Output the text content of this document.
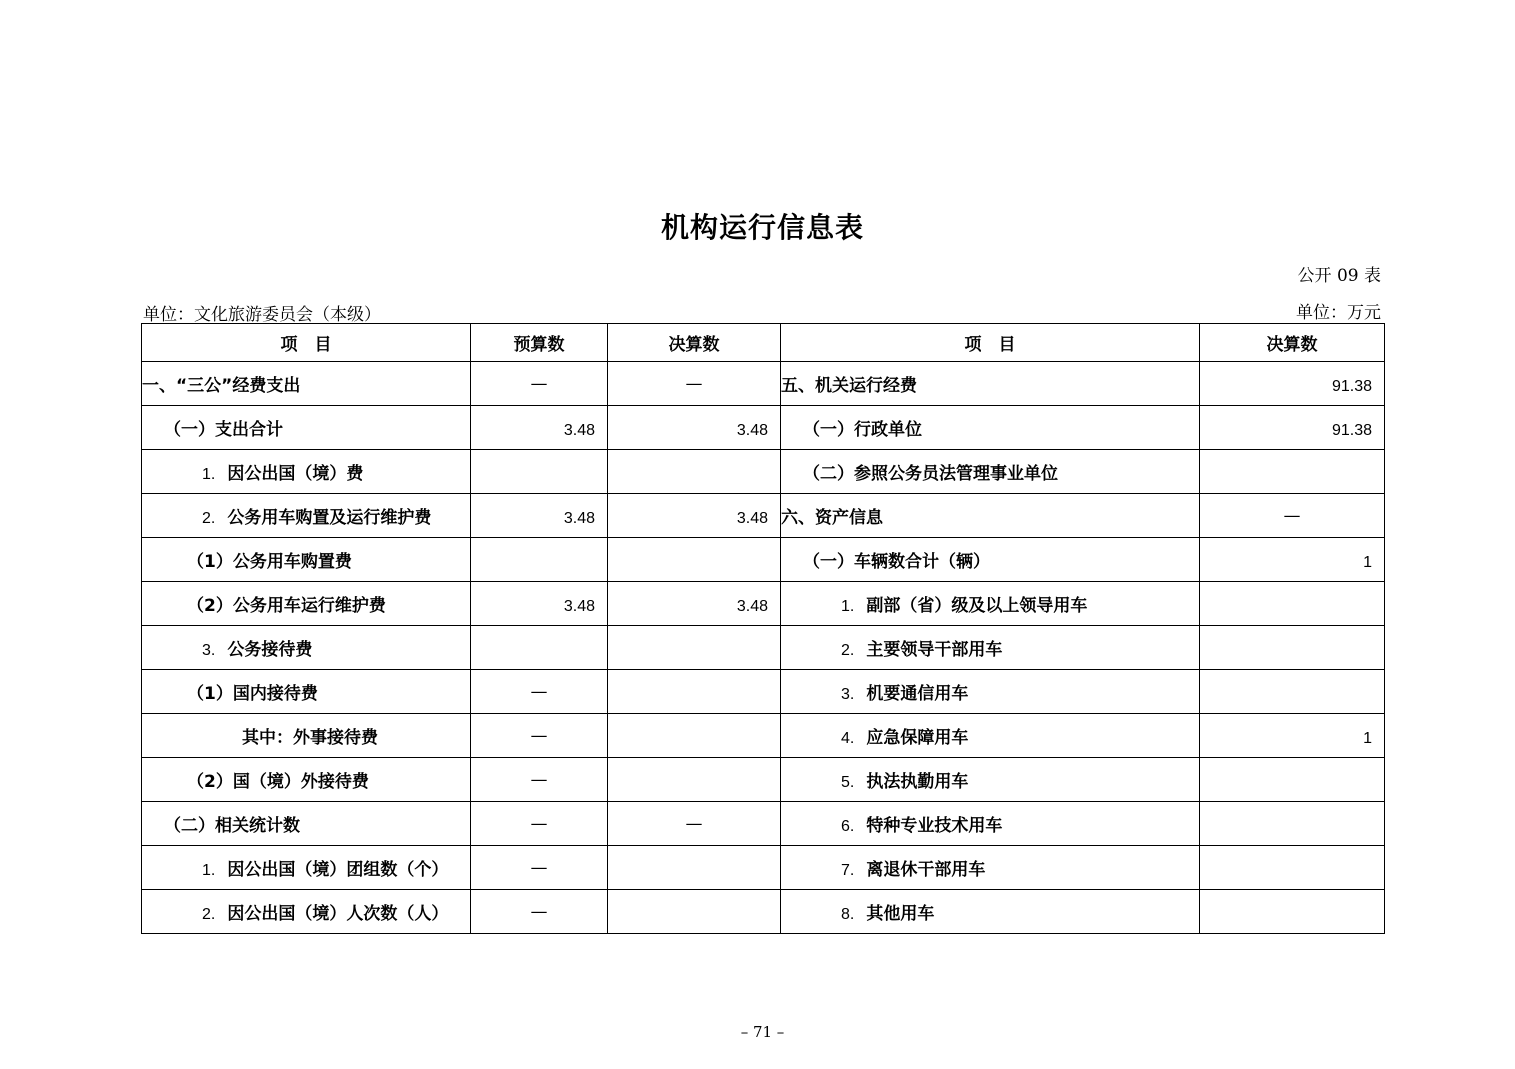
机构运行信息表
公开 09 表
单位：文化旅游委员会（本级）	单位：万元
项　目	预算数	决算数	项　目	决算数
一、“三公”经费支出	—	—	五、机关运行经费	91.38
（一）支出合计	3.48	3.48	（一）行政单位	91.38
1. 因公出国（境）费			（二）参照公务员法管理事业单位	
2. 公务用车购置及运行维护费	3.48	3.48	六、资产信息	—
（1）公务用车购置费			（一）车辆数合计（辆）	1
（2）公务用车运行维护费	3.48	3.48	1. 副部（省）级及以上领导用车	
3. 公务接待费			2. 主要领导干部用车	
（1）国内接待费	—		3. 机要通信用车	
其中：外事接待费	—		4. 应急保障用车	1
（2）国（境）外接待费	—		5. 执法执勤用车	
（二）相关统计数	—	—	6. 特种专业技术用车	
1. 因公出国（境）团组数（个）	—		7. 离退休干部用车	
2. 因公出国（境）人次数（人）	—		8. 其他用车	
– 71 –
